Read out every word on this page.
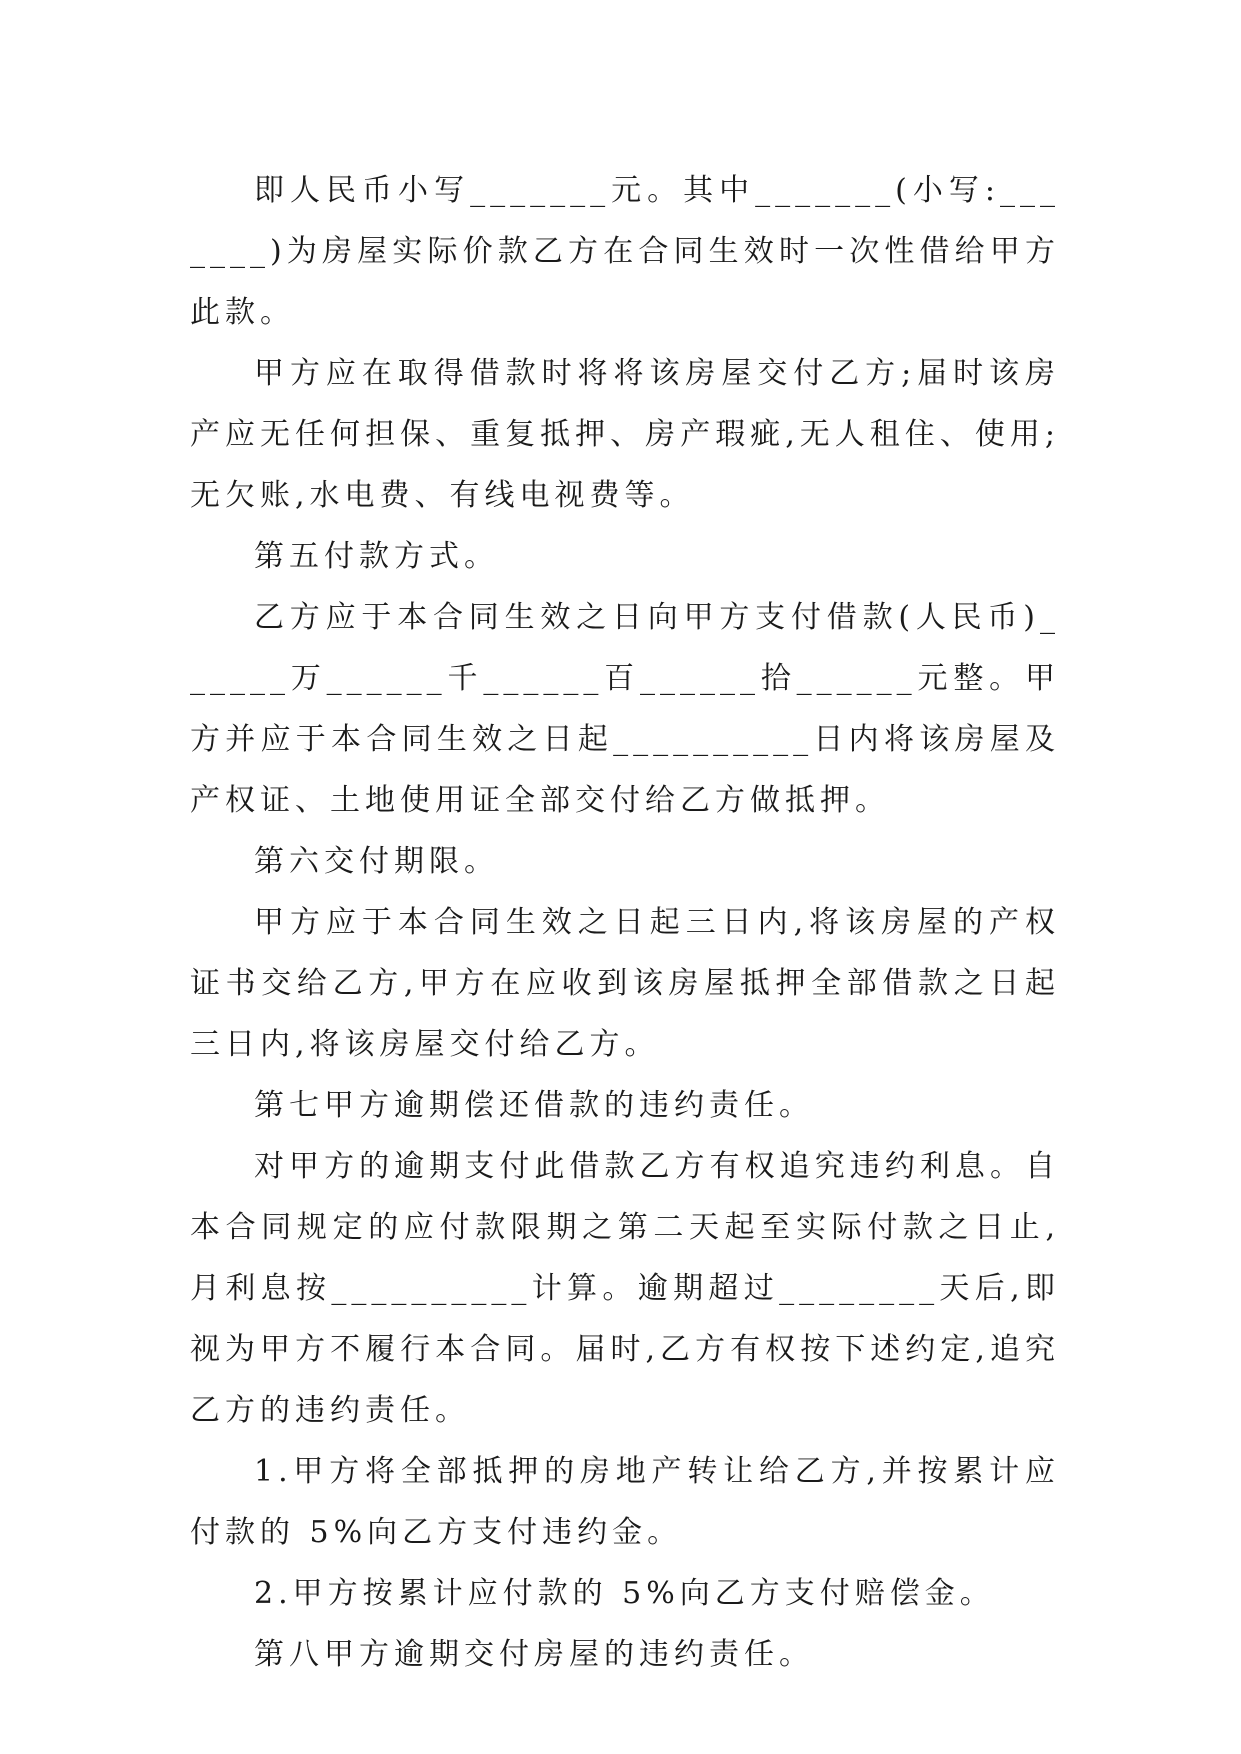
即人民币小写_______元。其中_______(小写:_______)为房屋实际价款乙方在合同生效时一次性借给甲方此款。

甲方应在取得借款时将将该房屋交付乙方;届时该房产应无任何担保、重复抵押、房产瑕疵,无人租住、使用;无欠账,水电费、有线电视费等。

第五付款方式。

乙方应于本合同生效之日向甲方支付借款(人民币)______万______千______百______拾______元整。甲方并应于本合同生效之日起__________日内将该房屋及产权证、土地使用证全部交付给乙方做抵押。

第六交付期限。

甲方应于本合同生效之日起三日内,将该房屋的产权证书交给乙方,甲方在应收到该房屋抵押全部借款之日起三日内,将该房屋交付给乙方。

第七甲方逾期偿还借款的违约责任。

对甲方的逾期支付此借款乙方有权追究违约利息。自本合同规定的应付款限期之第二天起至实际付款之日止,月利息按__________计算。逾期超过________天后,即视为甲方不履行本合同。届时,乙方有权按下述约定,追究乙方的违约责任。

1.甲方将全部抵押的房地产转让给乙方,并按累计应付款的 5%向乙方支付违约金。

2.甲方按累计应付款的 5%向乙方支付赔偿金。

第八甲方逾期交付房屋的违约责任。
